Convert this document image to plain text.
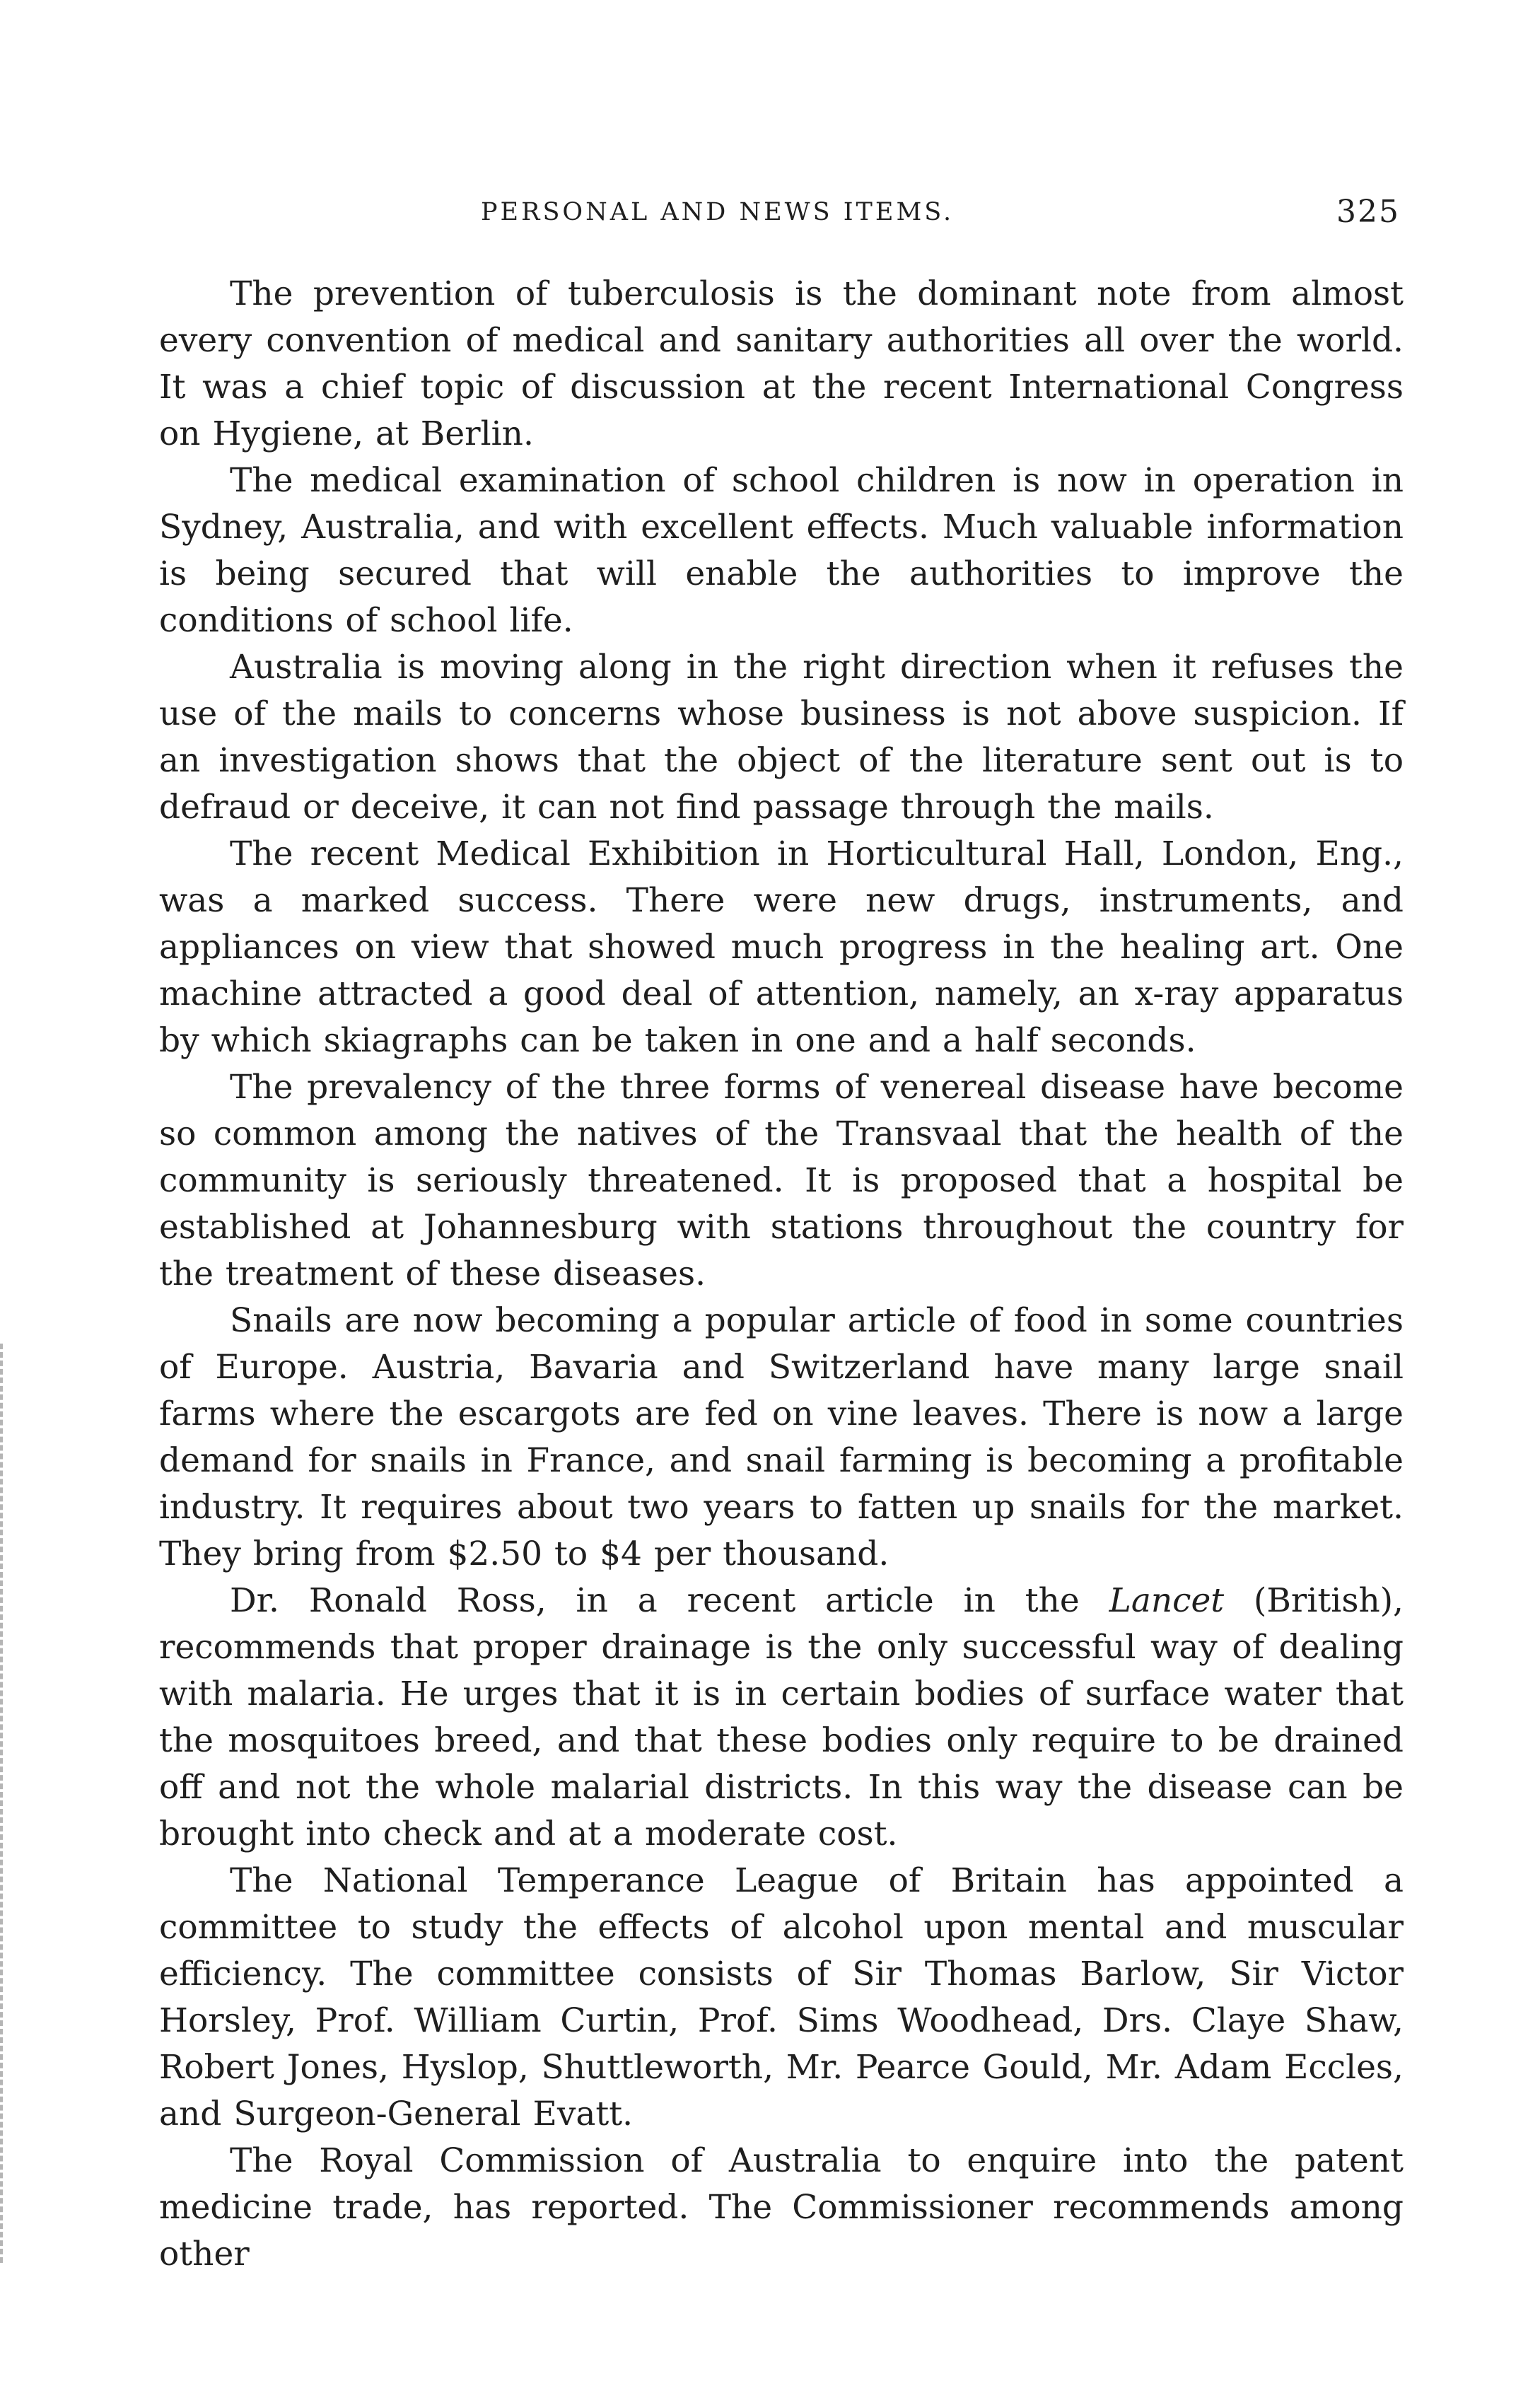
PERSONAL AND NEWS ITEMS.	325

The prevention of tuberculosis is the dominant note from almost every convention of medical and sanitary authorities all over the world. It was a chief topic of discussion at the recent International Congress on Hygiene, at Berlin.

The medical examination of school children is now in operation in Sydney, Australia, and with excellent effects. Much valuable information is being secured that will enable the authorities to improve the conditions of school life.

Australia is moving along in the right direction when it refuses the use of the mails to concerns whose business is not above suspicion. If an investigation shows that the object of the literature sent out is to defraud or deceive, it can not find passage through the mails.

The recent Medical Exhibition in Horticultural Hall, London, Eng., was a marked success. There were new drugs, instruments, and appliances on view that showed much progress in the healing art. One machine attracted a good deal of attention, namely, an x-ray apparatus by which skiagraphs can be taken in one and a half seconds.

The prevalency of the three forms of venereal disease have become so common among the natives of the Transvaal that the health of the community is seriously threatened. It is proposed that a hospital be established at Johannesburg with stations throughout the country for the treatment of these diseases.

Snails are now becoming a popular article of food in some countries of Europe. Austria, Bavaria and Switzerland have many large snail farms where the escargots are fed on vine leaves. There is now a large demand for snails in France, and snail farming is becoming a profitable industry. It requires about two years to fatten up snails for the market. They bring from $2.50 to $4 per thousand.

Dr. Ronald Ross, in a recent article in the Lancet (British), recommends that proper drainage is the only successful way of dealing with malaria. He urges that it is in certain bodies of surface water that the mosquitoes breed, and that these bodies only require to be drained off and not the whole malarial districts. In this way the disease can be brought into check and at a moderate cost.

The National Temperance League of Britain has appointed a committee to study the effects of alcohol upon mental and muscular efficiency. The committee consists of Sir Thomas Barlow, Sir Victor Horsley, Prof. William Curtin, Prof. Sims Woodhead, Drs. Claye Shaw, Robert Jones, Hyslop, Shuttleworth, Mr. Pearce Gould, Mr. Adam Eccles, and Surgeon-General Evatt.

The Royal Commission of Australia to enquire into the patent medicine trade, has reported. The Commissioner recommends among other
